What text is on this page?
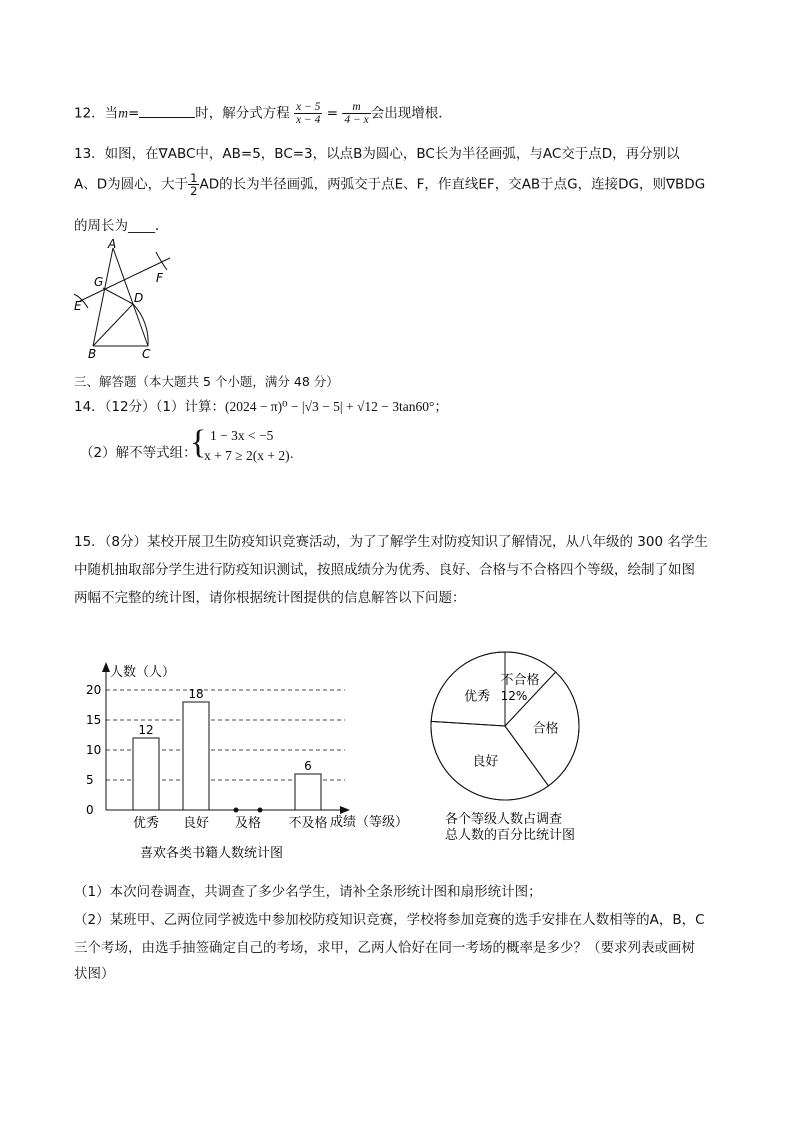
12．当m=	时，解分式方程 $\frac{x - 5}{x - 4} = \frac{m}{4 - x}$ 会出现增根．
13．如图，在∇ABC中，AB=5，BC=3，以点B为圆心，BC长为半径画弧，与AC交于点D，再分别以
A、D为圆心，大于 $\frac{1}{2}$ AD的长为半径画弧，两弧交于点E、F，作直线EF，交AB于点G，连接DG，则∇BDG
的周长为____．
A
G	F
D
E
B	C
三、解答题（本大题共 5 个小题，满分 48 分）
14．（12分）（1）计算：(2024 − π)⁰ − |√3 − 5| + √12 − 3tan60°；
（2）解不等式组：
{ 1 − 3x < −5
x + 7 ≥ 2(x + 2) .
15．（8分）某校开展卫生防疫知识竞赛活动，为了了解学生对防疫知识了解情况，从八年级的 300 名学生
中随机抽取部分学生进行防疫知识测试，按照成绩分为优秀、良好、合格与不合格四个等级，绘制了如图
两幅不完整的统计图，请你根据统计图提供的信息解答以下问题：
人数（人）
成绩（等级）
0
5
10
15
20
12
优秀
18
良好 及格
6
不及格
喜欢各类书籍人数统计图
不合格
12%
合格
良好
优秀
各个等级人数占调查
总人数的百分比统计图
（1）本次问卷调查，共调查了多少名学生，请补全条形统计图和扇形统计图；
（2）某班甲、乙两位同学被选中参加校防疫知识竞赛，学校将参加竞赛的选手安排在人数相等的A，B，C
三个考场，由选手抽签确定自己的考场，求甲，乙两人恰好在同一考场的概率是多少？（要求列表或画树
状图）
